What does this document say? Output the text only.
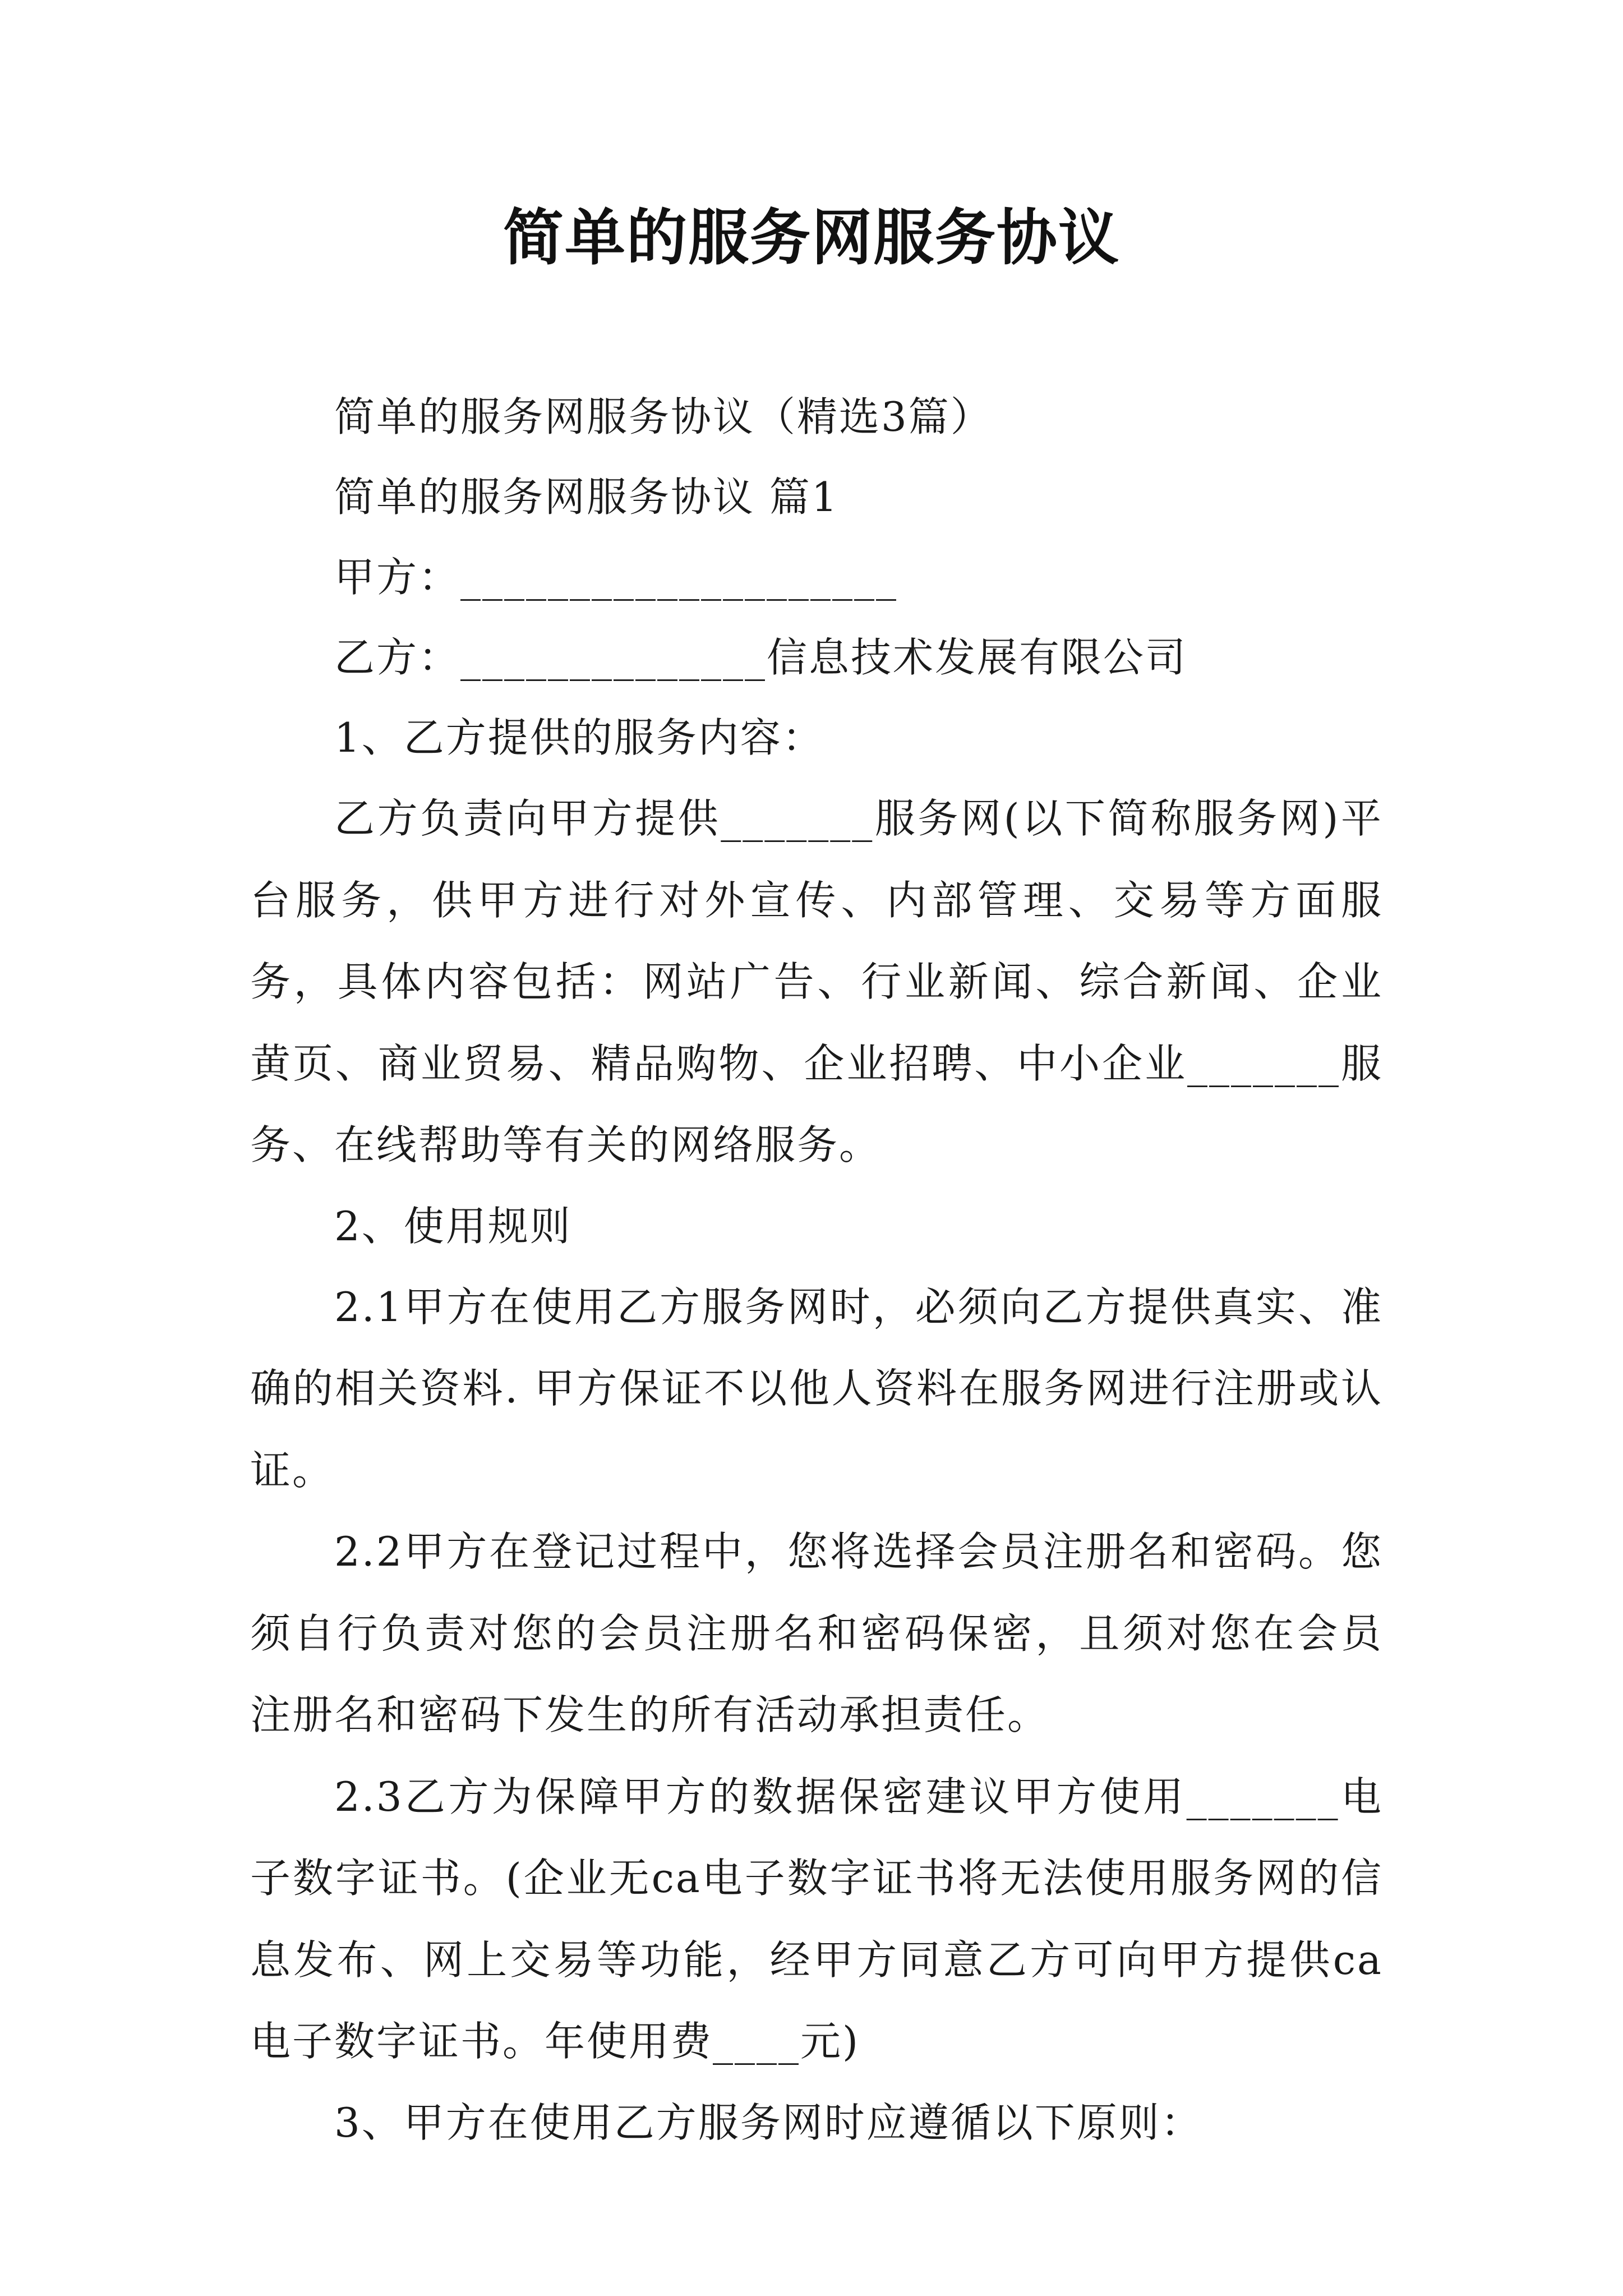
简单的服务网服务协议
简单的服务网服务协议（精选3篇）
简单的服务网服务协议 篇1
甲方：____________________
乙方：______________信息技术发展有限公司
1、乙方提供的服务内容：

乙方负责向甲方提供_______服务网(以下简称服务网)平台服务，供甲方进行对外宣传、内部管理、交易等方面服务，具体内容包括：网站广告、行业新闻、综合新闻、企业黄页、商业贸易、精品购物、企业招聘、中小企业_______服务、在线帮助等有关的网络服务。

2、使用规则

2.1甲方在使用乙方服务网时，必须向乙方提供真实、准确的相关资料. 甲方保证不以他人资料在服务网进行注册或认证。

2.2甲方在登记过程中，您将选择会员注册名和密码。您须自行负责对您的会员注册名和密码保密，且须对您在会员注册名和密码下发生的所有活动承担责任。

2.3乙方为保障甲方的数据保密建议甲方使用_______电子数字证书。(企业无ca电子数字证书将无法使用服务网的信息发布、网上交易等功能，经甲方同意乙方可向甲方提供ca电子数字证书。年使用费____元)

3、甲方在使用乙方服务网时应遵循以下原则：
